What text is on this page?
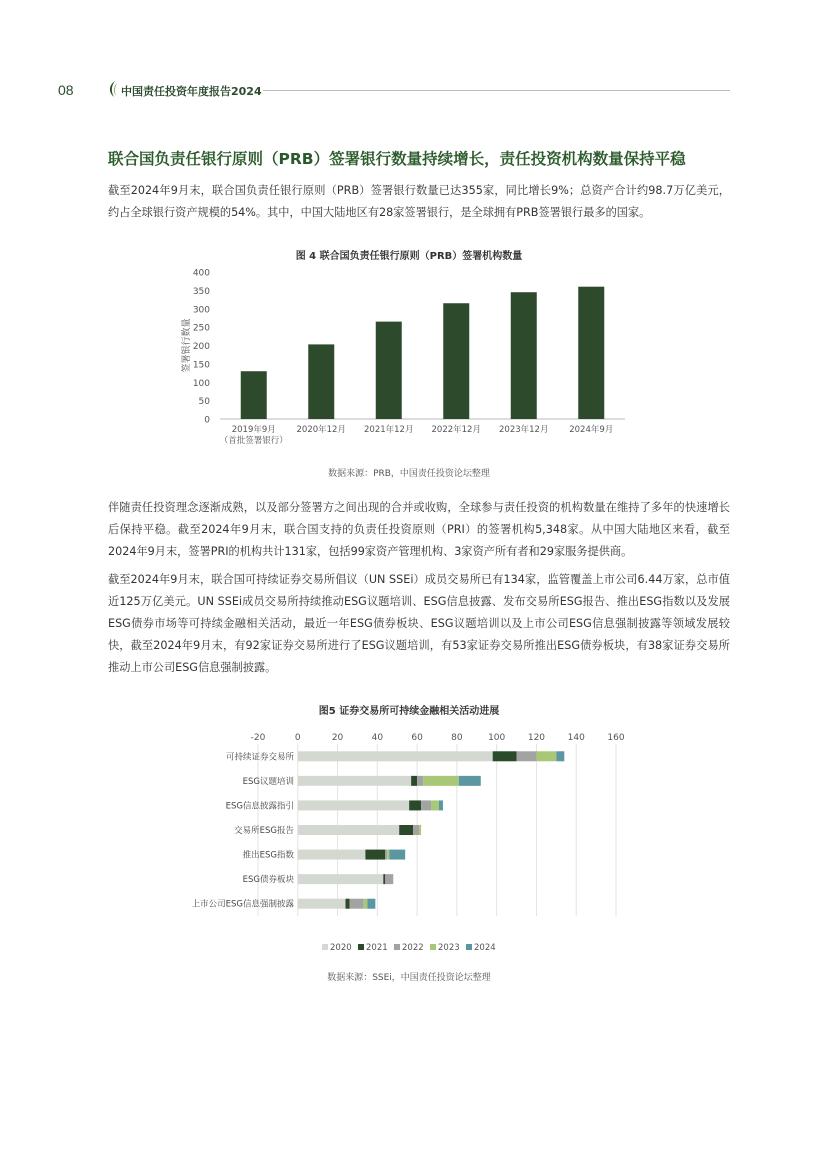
08	中国责任投资年度报告2024
联合国负责任银行原则（PRB）签署银行数量持续增长，责任投资机构数量保持平稳
截至2024年9月末，联合国负责任银行原则（PRB）签署银行数量已达355家，同比增长9%；总资产合计约98.7万亿美元，约占全球银行资产规模的54%。其中，中国大陆地区有28家签署银行，是全球拥有PRB签署银行最多的国家。
图 4 联合国负责任银行原则（PRB）签署机构数量
0
50
100
150
200
250
300
350
400
2019年9月
（首批签署银行）
2020年12月 2021年12月 2022年12月 2023年12月 2024年9月
签署银行数量
数据来源：PRB，中国责任投资论坛整理
伴随责任投资理念逐渐成熟，以及部分签署方之间出现的合并或收购，全球参与责任投资的机构数量在维持了多年的快速增长后保持平稳。截至2024年9月末，联合国支持的负责任投资原则（PRI）的签署机构5,348家。从中国大陆地区来看，截至2024年9月末，签署PRI的机构共计131家，包括99家资产管理机构、3家资产所有者和29家服务提供商。
截至2024年9月末，联合国可持续证券交易所倡议（UN SSEi）成员交易所已有134家，监管覆盖上市公司6.44万家，总市值近125万亿美元。UN SSEi成员交易所持续推动ESG议题培训、ESG信息披露、发布交易所ESG报告、推出ESG指数以及发展ESG债券市场等可持续金融相关活动，最近一年ESG债券板块、ESG议题培训以及上市公司ESG信息强制披露等领域发展较快，截至2024年9月末，有92家证券交易所进行了ESG议题培训，有53家证券交易所推出ESG债券板块，有38家证券交易所推动上市公司ESG信息强制披露。
图5 证券交易所可持续金融相关活动进展
-20	0	20	40	60	80	100	120	140	160
可持续证券交易所
ESG议题培训
ESG信息披露指引
交易所ESG报告
推出ESG指数
ESG债券板块
上市公司ESG信息强制披露
2020 2021 2022 2023 2024
数据来源：SSEi，中国责任投资论坛整理
